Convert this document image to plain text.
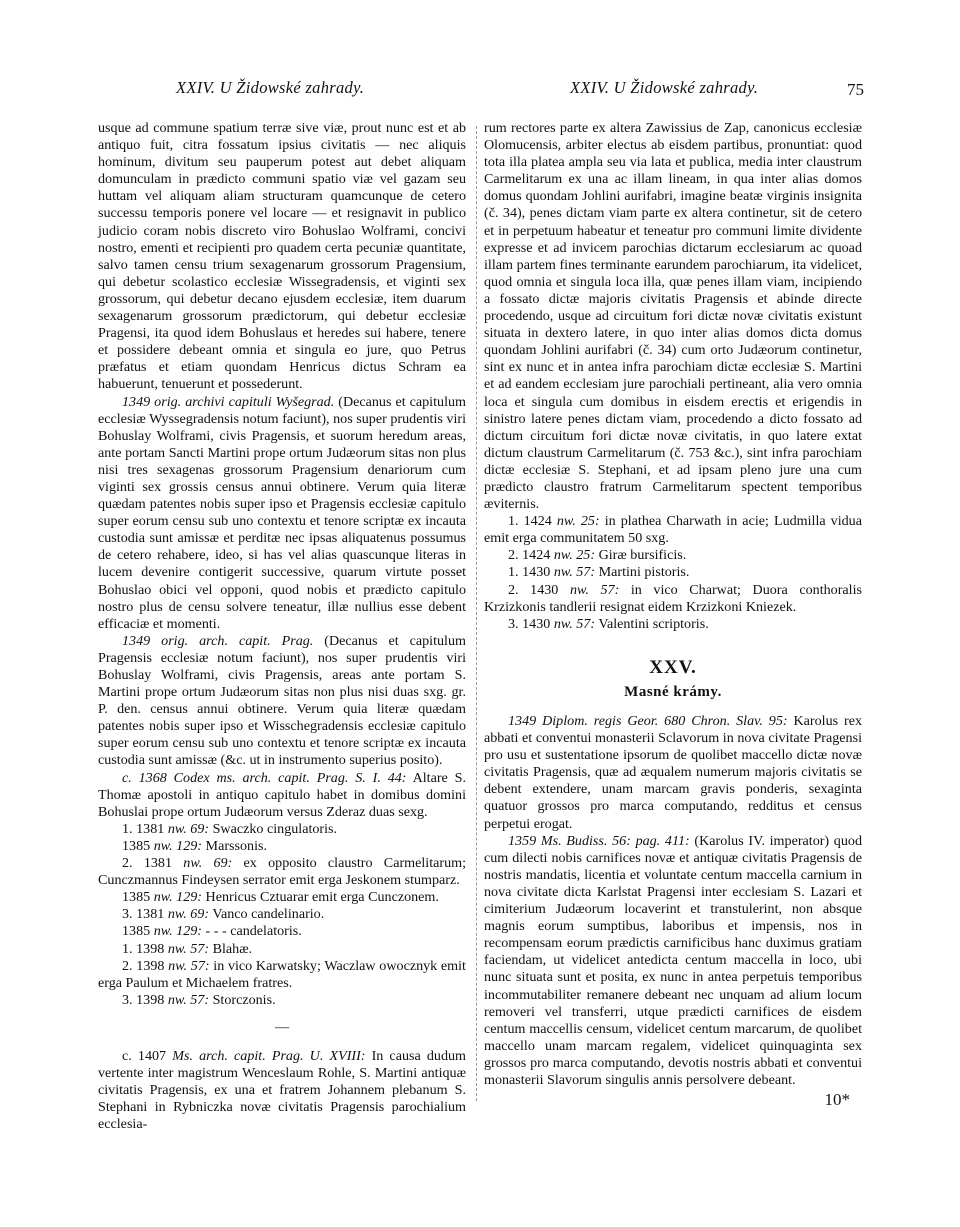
XXIV. U Židowské zahrady.	XXIV. U Židowské zahrady.	75

usque ad commune spatium terræ sive viæ, prout nunc est et ab antiquo fuit, citra fossatum ipsius civitatis — nec aliquis hominum, divitum seu pauperum potest aut debet aliquam domunculam in prædicto communi spatio viæ vel gazam seu huttam vel aliquam aliam structuram quamcunque de cetero successu temporis ponere vel locare — et resignavit in publico judicio coram nobis discreto viro Bohuslao Wolframi, concivi nostro, ementi et recipienti pro quadem certa pecuniæ quantitate, salvo tamen censu trium sexagenarum grossorum Pragensium, qui debetur scolastico ecclesiæ Wissegradensis, et viginti sex grossorum, qui debetur decano ejusdem ecclesiæ, item duarum sexagenarum grossorum prædictorum, qui debetur ecclesiæ Pragensi, ita quod idem Bohuslaus et heredes sui habere, tenere et possidere debeant omnia et singula eo jure, quo Petrus præfatus et etiam quondam Henricus dictus Schram ea habuerunt, tenuerunt et possederunt.

1349 orig. archivi capituli Wyšegrad. (Decanus et capitulum ecclesiæ Wyssegradensis notum faciunt), nos super prudentis viri Bohuslay Wolframi, civis Pragensis, et suorum heredum areas, ante portam Sancti Martini prope ortum Judæorum sitas non plus nisi tres sexagenas grossorum Pragensium denariorum cum viginti sex grossis census annui obtinere. Verum quia literæ quædam patentes nobis super ipso et Pragensis ecclesiæ capitulo super eorum censu sub uno contextu et tenore scriptæ ex incauta custodia sunt amissæ et perditæ nec ipsas aliquatenus possumus de cetero rehabere, ideo, si has vel alias quascunque literas in lucem devenire contigerit successive, quarum virtute posset Bohuslao obici vel opponi, quod nobis et prædicto capitulo nostro plus de censu solvere teneatur, illæ nullius esse debent efficaciæ et momenti.

1349 orig. arch. capit. Prag. (Decanus et capitulum Pragensis ecclesiæ notum faciunt), nos super prudentis viri Bohuslay Wolframi, civis Pragensis, areas ante portam S. Martini prope ortum Judæorum sitas non plus nisi duas sxg. gr. P. den. census annui obtinere. Verum quia literæ quædam patentes nobis super ipso et Wisschegradensis ecclesiæ capitulo super eorum censu sub uno contextu et tenore scriptæ ex incauta custodia sunt amissæ (&c. ut in instrumento superius posito).

c. 1368 Codex ms. arch. capit. Prag. S. I. 44: Altare S. Thomæ apostoli in antiquo capitulo habet in domibus domini Bohuslai prope ortum Judæorum versus Zderaz duas sexg.

1. 1381 nw. 69: Swaczko cingulatoris.

1385 nw. 129: Marssonis.

2. 1381 nw. 69: ex opposito claustro Carmelitarum; Cunczmannus Findeysen serrator emit erga Jeskonem stumparz.

1385 nw. 129: Henricus Cztuarar emit erga Cunczonem.

3. 1381 nw. 69: Vanco candelinario.

1385 nw. 129: - - - candelatoris.

1. 1398 nw. 57: Blahæ.

2. 1398 nw. 57: in vico Karwatsky; Waczlaw owocznyk emit erga Paulum et Michaelem fratres.

3. 1398 nw. 57: Storczonis.

—

c. 1407 Ms. arch. capit. Prag. U. XVIII: In causa dudum vertente inter magistrum Wenceslaum Rohle, S. Martini antiquæ civitatis Pragensis, ex una et fratrem Johannem plebanum S. Stephani in Rybniczka novæ civitatis Pragensis parochialium ecclesia-

rum rectores parte ex altera Zawissius de Zap, canonicus ecclesiæ Olomucensis, arbiter electus ab eisdem partibus, pronuntiat: quod tota illa platea ampla seu via lata et publica, media inter claustrum Carmelitarum ex una ac illam lineam, in qua inter alias domos domus quondam Johlini aurifabri, imagine beatæ virginis insignita (č. 34), penes dictam viam parte ex altera continetur, sit de cetero et in perpetuum habeatur et teneatur pro communi limite dividente expresse et ad invicem parochias dictarum ecclesiarum ac quoad illam partem fines terminante earundem parochiarum, ita videlicet, quod omnia et singula loca illa, quæ penes illam viam, incipiendo a fossato dictæ majoris civitatis Pragensis et abinde directe procedendo, usque ad circuitum fori dictæ novæ civitatis existunt situata in dextero latere, in quo inter alias domos dicta domus quondam Johlini aurifabri (č. 34) cum orto Judæorum continetur, sint ex nunc et in antea infra parochiam dictæ ecclesiæ S. Martini et ad eandem ecclesiam jure parochiali pertineant, alia vero omnia loca et singula cum domibus in eisdem erectis et erigendis in sinistro latere penes dictam viam, procedendo a dicto fossato ad dictum circuitum fori dictæ novæ civitatis, in quo latere extat dictum claustrum Carmelitarum (č. 753 &c.), sint infra parochiam dictæ ecclesiæ S. Stephani, et ad ipsam pleno jure una cum prædicto claustro fratrum Carmelitarum spectent temporibus æviternis.

1. 1424 nw. 25: in plathea Charwath in acie; Ludmilla vidua emit erga communitatem 50 sxg.

2. 1424 nw. 25: Giræ bursificis.

1. 1430 nw. 57: Martini pistoris.

2. 1430 nw. 57: in vico Charwat; Duora conthoralis Krzizkonis tandlerii resignat eidem Krzizkoni Kniezek.

3. 1430 nw. 57: Valentini scriptoris.

XXV.
Masné krámy.

1349 Diplom. regis Geor. 680 Chron. Slav. 95: Karolus rex abbati et conventui monasterii Sclavorum in nova civitate Pragensi pro usu et sustentatione ipsorum de quolibet maccello dictæ novæ civitatis Pragensis, quæ ad æqualem numerum majoris civitatis se debent extendere, unam marcam gravis ponderis, sexaginta quatuor grossos pro marca computando, redditus et census perpetui erogat.

1359 Ms. Budiss. 56: pag. 411: (Karolus IV. imperator) quod cum dilecti nobis carnifices novæ et antiquæ civitatis Pragensis de nostris mandatis, licentia et voluntate centum maccella carnium in nova civitate dicta Karlstat Pragensi inter ecclesiam S. Lazari et cimiterium Judæorum locaverint et transtulerint, non absque magnis eorum sumptibus, laboribus et impensis, nos in recompensam eorum prædictis carnificibus hanc duximus gratiam faciendam, ut videlicet antedicta centum maccella in loco, ubi nunc situata sunt et posita, ex nunc in antea perpetuis temporibus incommutabiliter remanere debeant nec unquam ad alium locum removeri vel transferri, utque prædicti carnifices de eisdem centum maccellis censum, videlicet centum marcarum, de quolibet maccello unam marcam regalem, videlicet quinquaginta sex grossos pro marca computando, devotis nostris abbati et conventui monasterii Slavorum singulis annis persolvere debeant.

10*
